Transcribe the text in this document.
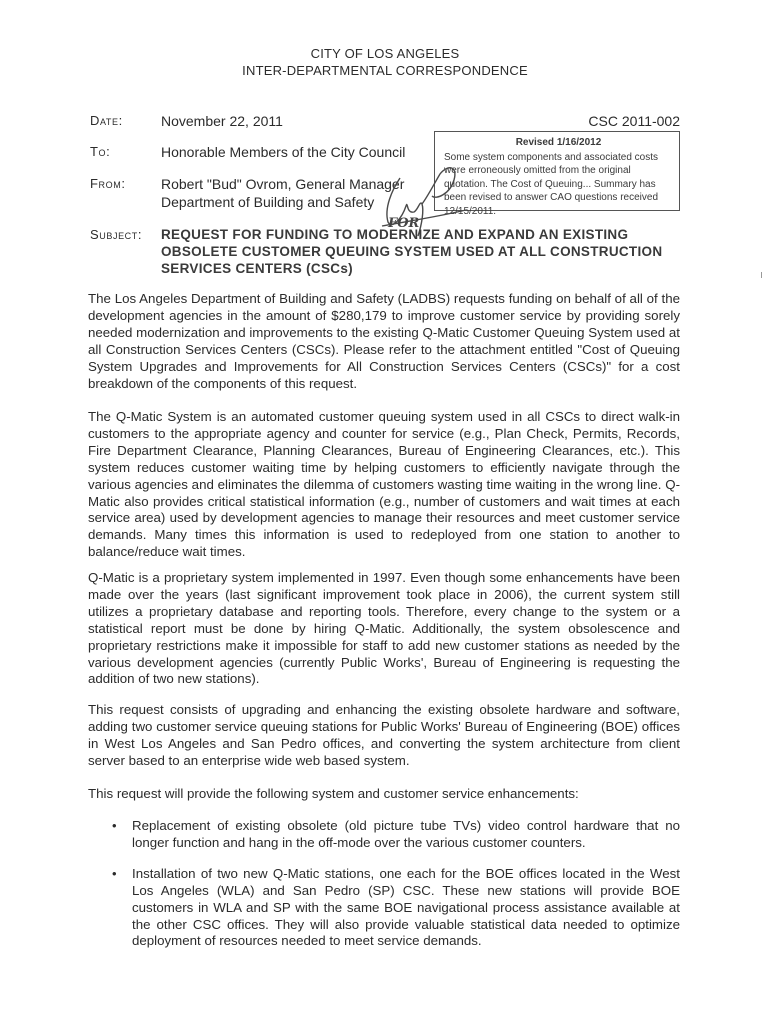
CITY OF LOS ANGELES
INTER-DEPARTMENTAL CORRESPONDENCE
Date:	November 22, 2011	CSC 2011-002
To:	Honorable Members of the City Council
From:	Robert "Bud" Ovrom, General Manager
Department of Building and Safety
Revised 1/16/2012
Some system components and associated costs were erroneously omitted from the original quotation. The Cost of Queuing... Summary has been revised to answer CAO questions received 12/15/2011.
FOR
Subject: REQUEST FOR FUNDING TO MODERNIZE AND EXPAND AN EXISTING OBSOLETE CUSTOMER QUEUING SYSTEM USED AT ALL CONSTRUCTION SERVICES CENTERS (CSCs)

The Los Angeles Department of Building and Safety (LADBS) requests funding on behalf of all of the development agencies in the amount of $280,179 to improve customer service by providing sorely needed modernization and improvements to the existing Q-Matic Customer Queuing System used at all Construction Services Centers (CSCs). Please refer to the attachment entitled "Cost of Queuing System Upgrades and Improvements for All Construction Services Centers (CSCs)" for a cost breakdown of the components of this request.

The Q-Matic System is an automated customer queuing system used in all CSCs to direct walk-in customers to the appropriate agency and counter for service (e.g., Plan Check, Permits, Records, Fire Department Clearance, Planning Clearances, Bureau of Engineering Clearances, etc.). This system reduces customer waiting time by helping customers to efficiently navigate through the various agencies and eliminates the dilemma of customers wasting time waiting in the wrong line. Q-Matic also provides critical statistical information (e.g., number of customers and wait times at each service area) used by development agencies to manage their resources and meet customer service demands. Many times this information is used to redeployed from one station to another to balance/reduce wait times.

Q-Matic is a proprietary system implemented in 1997. Even though some enhancements have been made over the years (last significant improvement took place in 2006), the current system still utilizes a proprietary database and reporting tools. Therefore, every change to the system or a statistical report must be done by hiring Q-Matic. Additionally, the system obsolescence and proprietary restrictions make it impossible for staff to add new customer stations as needed by the various development agencies (currently Public Works', Bureau of Engineering is requesting the addition of two new stations).

This request consists of upgrading and enhancing the existing obsolete hardware and software, adding two customer service queuing stations for Public Works' Bureau of Engineering (BOE) offices in West Los Angeles and San Pedro offices, and converting the system architecture from client server based to an enterprise wide web based system.

This request will provide the following system and customer service enhancements:

• Replacement of existing obsolete (old picture tube TVs) video control hardware that no longer function and hang in the off-mode over the various customer counters.
• Installation of two new Q-Matic stations, one each for the BOE offices located in the West Los Angeles (WLA) and San Pedro (SP) CSC. These new stations will provide BOE customers in WLA and SP with the same BOE navigational process assistance available at the other CSC offices. They will also provide valuable statistical data needed to optimize deployment of resources needed to meet service demands.
